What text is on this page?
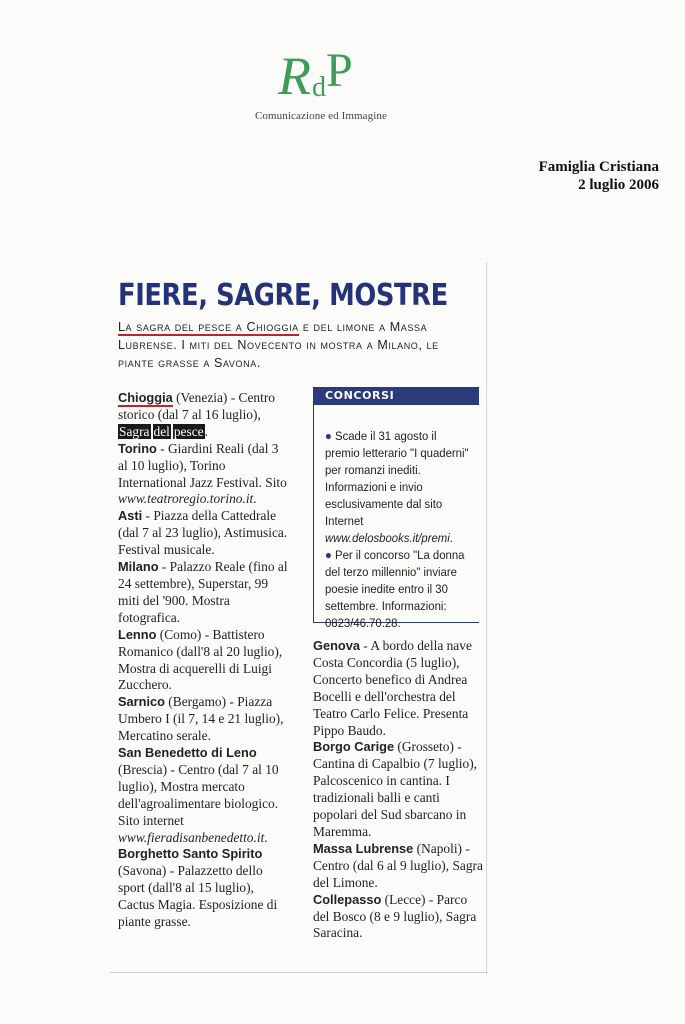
R d P
Comunicazione ed Immagine
Famiglia Cristiana
2 luglio 2006
FIERE, SAGRE, MOSTRE
La sagra del pesce a Chioggia e del limone a Massa Lubrense. I miti del Novecento in mostra a Milano, le piante grasse a Savona.

Chioggia (Venezia) - Centro storico (dal 7 al 16 luglio), Sagra del pesce.

Torino - Giardini Reali (dal 3 al 10 luglio), Torino International Jazz Festival. Sito www.teatroregio.torino.it.

Asti - Piazza della Cattedrale (dal 7 al 23 luglio), Astimusica. Festival musicale.

Milano - Palazzo Reale (fino al 24 settembre), Superstar, 99 miti del '900. Mostra fotografica.

Lenno (Como) - Battistero Romanico (dall'8 al 20 luglio), Mostra di acquerelli di Luigi Zucchero.

Sarnico (Bergamo) - Piazza Umbero I (il 7, 14 e 21 luglio), Mercatino serale.

San Benedetto di Leno (Brescia) - Centro (dal 7 al 10 luglio), Mostra mercato dell'agroalimentare biologico. Sito internet www.fieradisanbenedetto.it.

Borghetto Santo Spirito (Savona) - Palazzetto dello sport (dall'8 al 15 luglio), Cactus Magia. Esposizione di piante grasse.

CONCORSI

● Scade il 31 agosto il premio letterario "I quaderni" per romanzi inediti. Informazioni e invio esclusivamente dal sito Internet www.delosbooks.it/premi.

● Per il concorso "La donna del terzo millennio" inviare poesie inedite entro il 30 settembre. Informazioni: 0823/46.70.28.

Genova - A bordo della nave Costa Concordia (5 luglio), Concerto benefico di Andrea Bocelli e dell'orchestra del Teatro Carlo Felice. Presenta Pippo Baudo.

Borgo Carige (Grosseto) - Cantina di Capalbio (7 luglio), Palcoscenico in cantina. I tradizionali balli e canti popolari del Sud sbarcano in Maremma.

Massa Lubrense (Napoli) - Centro (dal 6 al 9 luglio), Sagra del Limone.

Collepasso (Lecce) - Parco del Bosco (8 e 9 luglio), Sagra Saracina.
